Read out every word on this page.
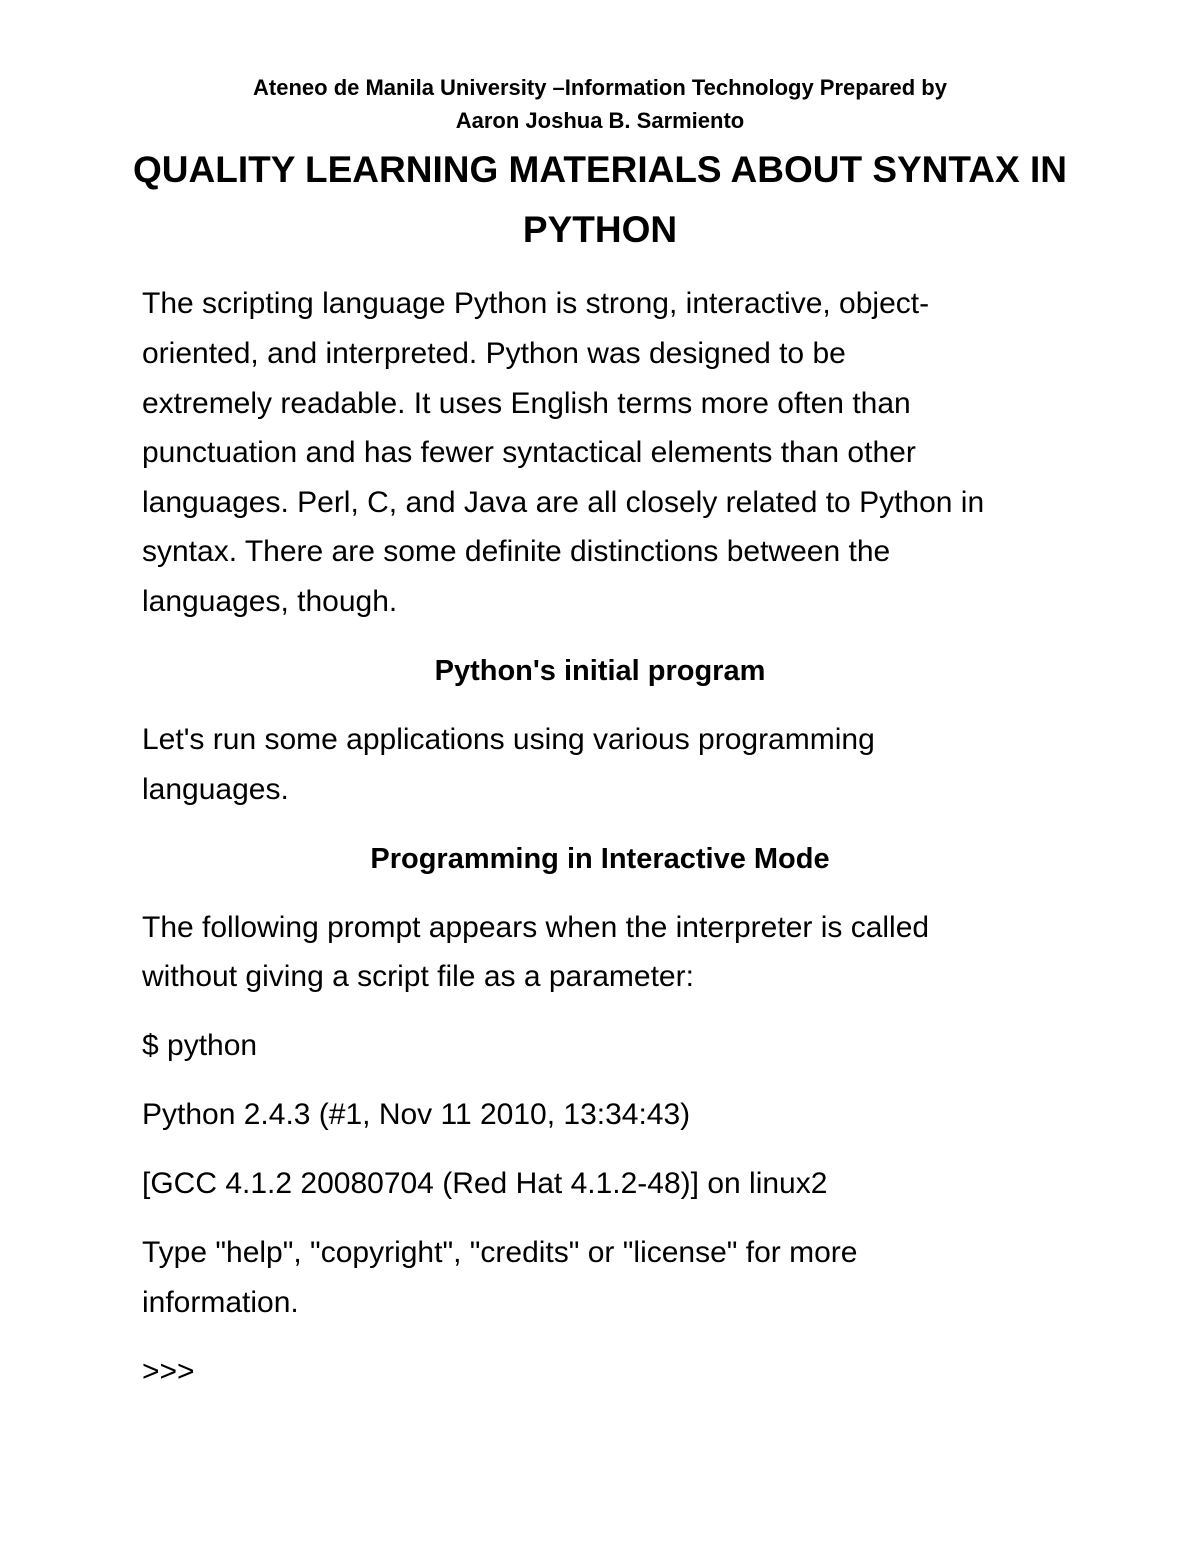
Ateneo de Manila University –Information Technology Prepared by
Aaron Joshua B. Sarmiento
QUALITY LEARNING MATERIALS ABOUT SYNTAX IN
PYTHON
The scripting language Python is strong, interactive, object-
oriented, and interpreted. Python was designed to be
extremely readable. It uses English terms more often than
punctuation and has fewer syntactical elements than other
languages. Perl, C, and Java are all closely related to Python in
syntax. There are some definite distinctions between the
languages, though.
Python's initial program
Let's run some applications using various programming
languages.
Programming in Interactive Mode
The following prompt appears when the interpreter is called
without giving a script file as a parameter:
$ python
Python 2.4.3 (#1, Nov 11 2010, 13:34:43)
[GCC 4.1.2 20080704 (Red Hat 4.1.2-48)] on linux2
Type "help", "copyright", "credits" or "license" for more
information.
>>>
